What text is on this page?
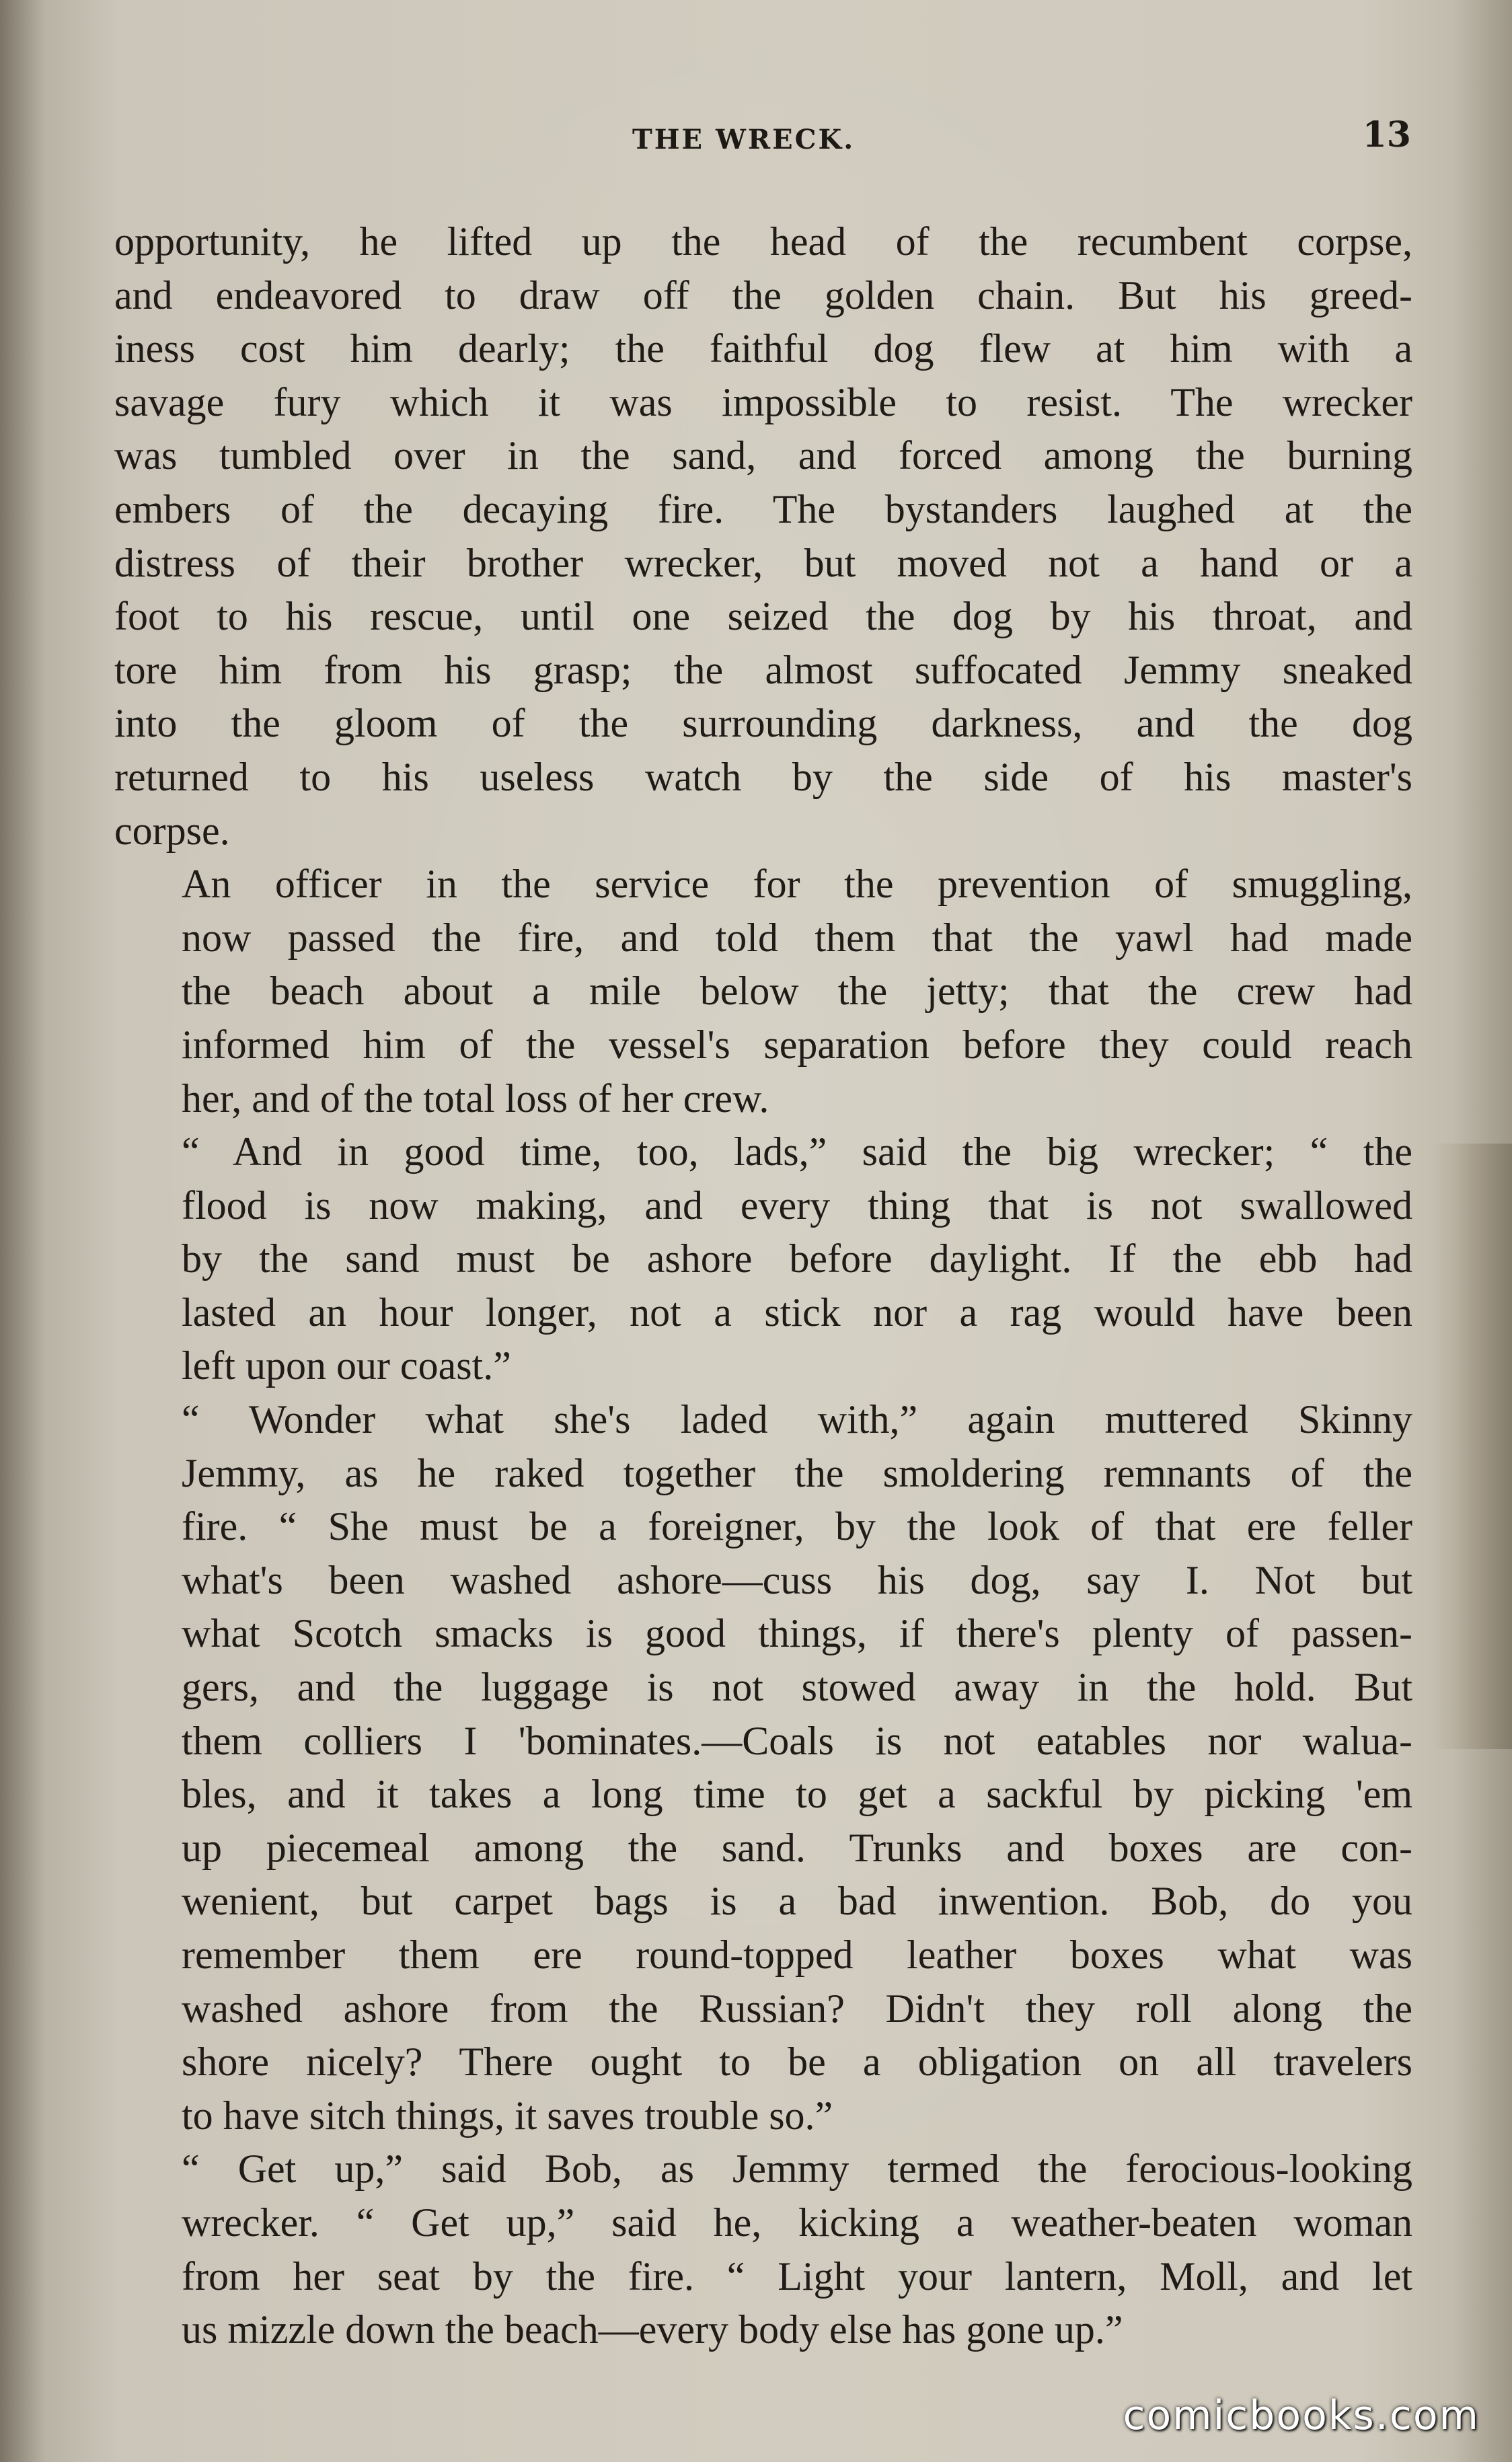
THE WRECK.	13
opportunity, he lifted up the head of the recumbent corpse,
and endeavored to draw off the golden chain. But his greed-
iness cost him dearly; the faithful dog flew at him with a
savage fury which it was impossible to resist. The wrecker
was tumbled over in the sand, and forced among the burning
embers of the decaying fire. The bystanders laughed at the
distress of their brother wrecker, but moved not a hand or a
foot to his rescue, until one seized the dog by his throat, and
tore him from his grasp; the almost suffocated Jemmy sneaked
into the gloom of the surrounding darkness, and the dog
returned to his useless watch by the side of his master's
corpse.
An officer in the service for the prevention of smuggling,
now passed the fire, and told them that the yawl had made
the beach about a mile below the jetty; that the crew had
informed him of the vessel's separation before they could reach
her, and of the total loss of her crew.
“ And in good time, too, lads,” said the big wrecker; “ the
flood is now making, and every thing that is not swallowed
by the sand must be ashore before daylight. If the ebb had
lasted an hour longer, not a stick nor a rag would have been
left upon our coast.”
“ Wonder what she's laded with,” again muttered Skinny
Jemmy, as he raked together the smoldering remnants of the
fire. “ She must be a foreigner, by the look of that ere feller
what's been washed ashore—cuss his dog, say I. Not but
what Scotch smacks is good things, if there's plenty of passen-
gers, and the luggage is not stowed away in the hold. But
them colliers I 'bominates.—Coals is not eatables nor walua-
bles, and it takes a long time to get a sackful by picking 'em
up piecemeal among the sand. Trunks and boxes are con-
wenient, but carpet bags is a bad inwention. Bob, do you
remember them ere round-topped leather boxes what was
washed ashore from the Russian? Didn't they roll along the
shore nicely? There ought to be a obligation on all travelers
to have sitch things, it saves trouble so.”
“ Get up,” said Bob, as Jemmy termed the ferocious-looking
wrecker. “ Get up,” said he, kicking a weather-beaten woman
from her seat by the fire. “ Light your lantern, Moll, and let
us mizzle down the beach—every body else has gone up.”
comicbooks.com
